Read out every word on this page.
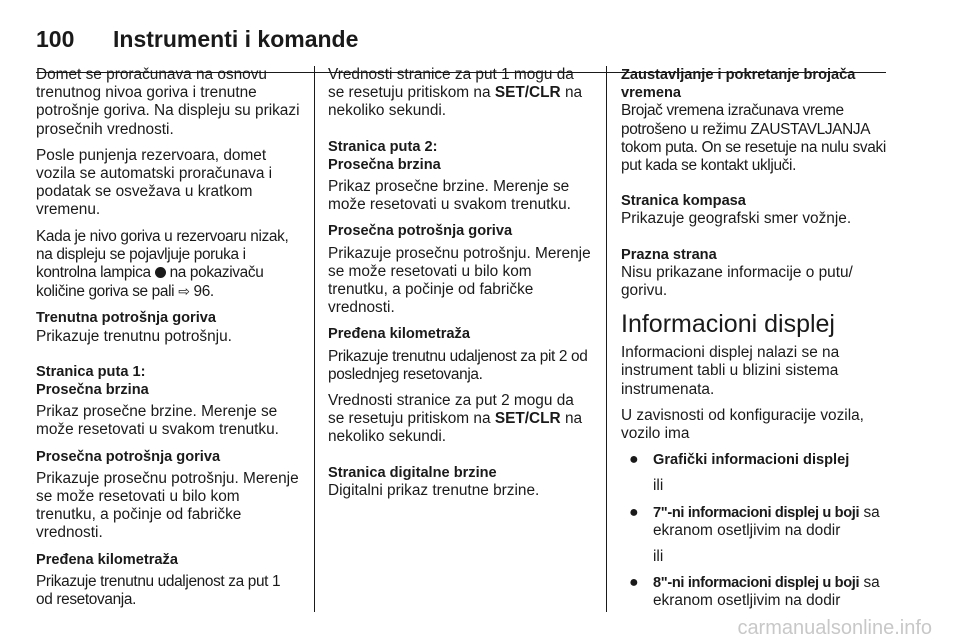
100 Instrumenti i komande

Domet se proračunava na osnovu trenutnog nivoa goriva i trenutne potrošnje goriva. Na displeju su prikazi prosečnih vrednosti.

Posle punjenja rezervoara, domet vozila se automatski proračunava i podatak se osvežava u kratkom vremenu.

Kada je nivo goriva u rezervoaru nizak, na displeju se pojavljuje poruka i kontrolna lampica na pokazivaču količine goriva se pali ⇨ 96.

Trenutna potrošnja goriva

Prikazuje trenutnu potrošnju.

Stranica puta 1:

Prosečna brzina

Prikaz prosečne brzine. Merenje se može resetovati u svakom trenutku.

Prosečna potrošnja goriva

Prikazuje prosečnu potrošnju. Merenje se može resetovati u bilo kom trenutku, a počinje od fabričke vrednosti.

Pređena kilometraža

Prikazuje trenutnu udaljenost za put 1 od resetovanja.

Vrednosti stranice za put 1 mogu da se resetuju pritiskom na SET/CLR na nekoliko sekundi.

Stranica puta 2:

Prosečna brzina

Prikaz prosečne brzine. Merenje se može resetovati u svakom trenutku.

Prosečna potrošnja goriva

Prikazuje prosečnu potrošnju. Merenje se može resetovati u bilo kom trenutku, a počinje od fabričke vrednosti.

Pređena kilometraža

Prikazuje trenutnu udaljenost za pit 2 od poslednjeg resetovanja.

Vrednosti stranice za put 2 mogu da se resetuju pritiskom na SET/CLR na nekoliko sekundi.

Stranica digitalne brzine

Digitalni prikaz trenutne brzine.

Zaustavljanje i pokretanje brojača vremena

Brojač vremena izračunava vreme potrošeno u režimu ZAUSTAVLJANJA tokom puta. On se resetuje na nulu svaki put kada se kontakt uključi.

Stranica kompasa

Prikazuje geografski smer vožnje.

Prazna strana

Nisu prikazane informacije o putu/ gorivu.

Informacioni displej

Informacioni displej nalazi se na instrument tabli u blizini sistema instrumenata.

U zavisnosti od konfiguracije vozila, vozilo ima

● Grafički informacioni displej
ili
● 7"-ni informacioni displej u boji sa
ekranom osetljivim na dodir
ili
● 8"-ni informacioni displej u boji sa
ekranom osetljivim na dodir
carmanualsonline.info
